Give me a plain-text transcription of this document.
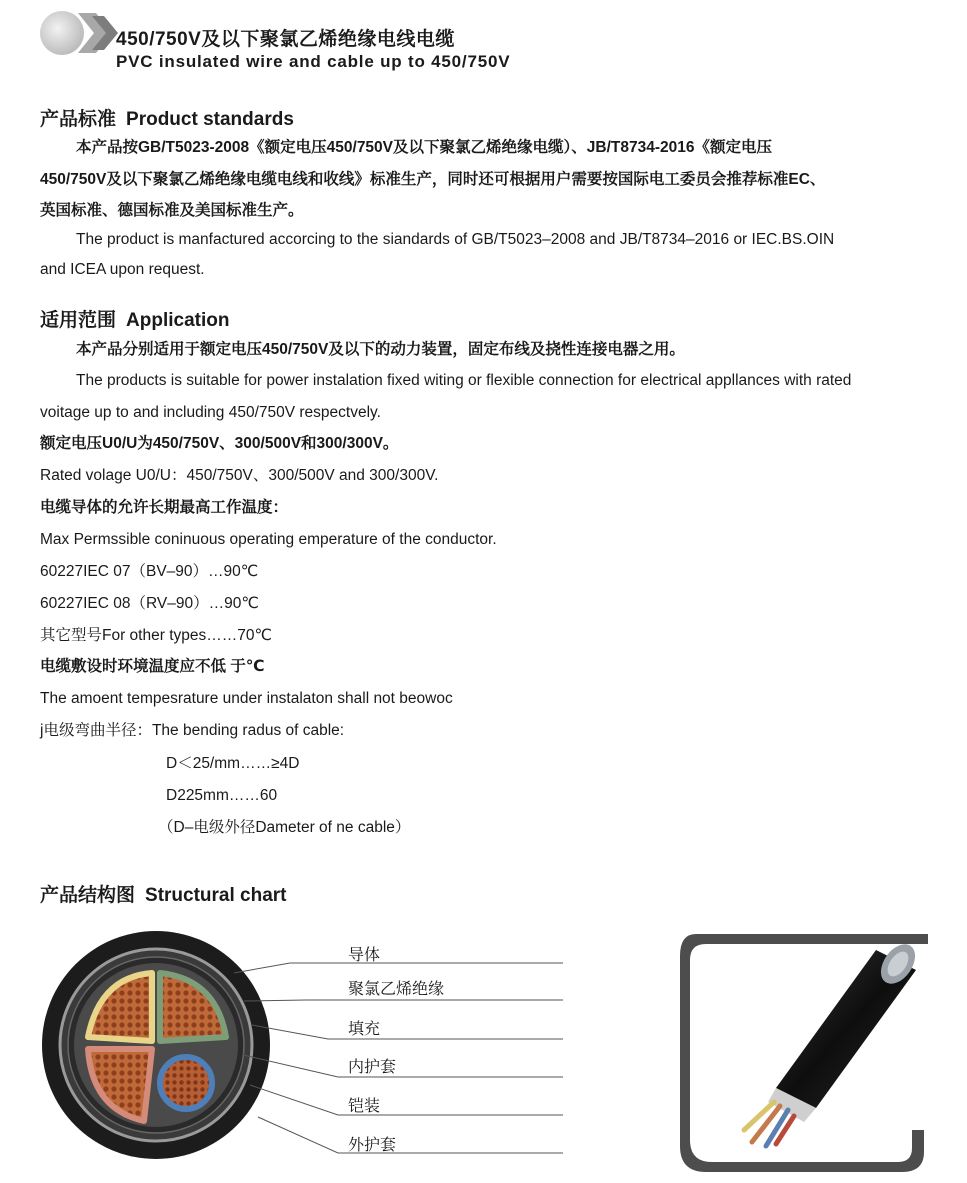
450/750V及以下聚氯乙烯绝缘电线电缆
PVC insulated wire and cable up to 450/750V
产品标准 Product standards
本产品按GB/T5023-2008《额定电压450/750V及以下聚氯乙烯绝缘电缆）、JB/T8734-2016《额定电压
450/750V及以下聚氯乙烯绝缘电缆电线和收线》标准生产，同时还可根据用户需要按国际电工委员会推荐标准EC、
英国标准、德国标准及美国标准生产。
The product is manfactured accorcing to the siandards of GB/T5023–2008 and JB/T8734–2016 or IEC.BS.OIN
and ICEA upon request.
适用范围 Application
本产品分别适用于额定电压450/750V及以下的动力装置，固定布线及挠性连接电器之用。
The products is suitable for power instalation fixed witing or flexible connection for electrical appllances with rated
voitage up to and including 450/750V respectvely.
额定电压U0/U为450/750V、300/500V和300/300V。
Rated volage U0/U：450/750V、300/500V and 300/300V.
电缆导体的允许长期最高工作温度：
Max Permssible coninuous operating emperature of the conductor.
60227IEC 07（BV–90）…90℃
60227IEC 08（RV–90）…90℃
其它型号For other types……70℃
电缆敷设时环境温度应不低 于℃
The amoent tempesrature under instalaton shall not beowoc
j电级弯曲半径：The bending radus of cable:
D＜25/mm……≥4D
D225mm……60
（D–电级外径Dameter of ne cable）
产品结构图 Structural chart
导体
聚氯乙烯绝缘
填充
内护套
铠装
外护套
